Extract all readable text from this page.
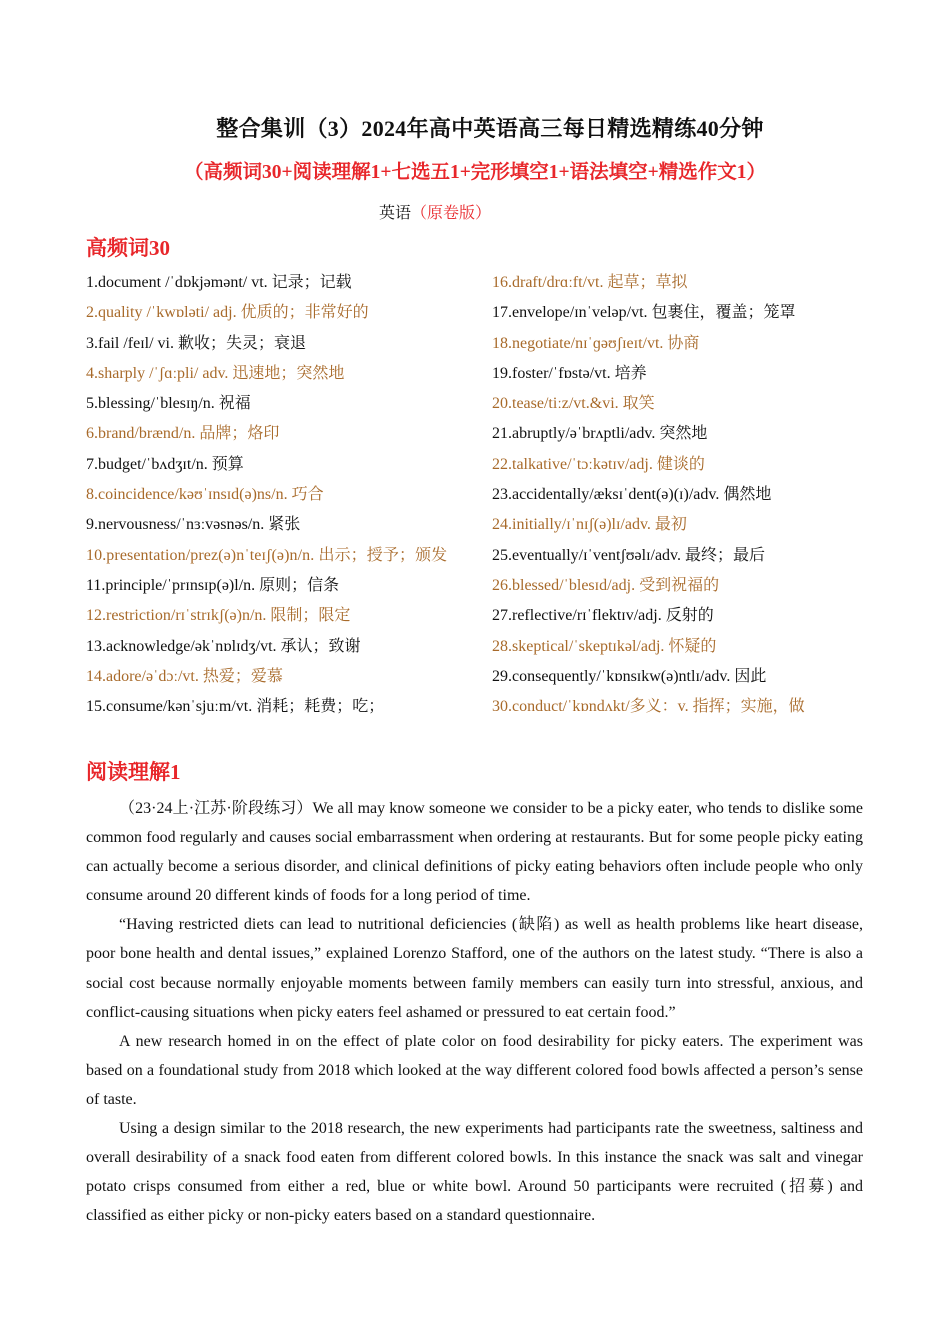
整合集训（3）2024年高中英语高三每日精选精练40分钟
（高频词30+阅读理解1+七选五1+完形填空1+语法填空+精选作文1）
英语（原卷版）
高频词30
1.document /ˈdɒkjəmənt/ vt. 记录；记载
2.quality /ˈkwɒləti/ adj. 优质的；非常好的
3.fail /feɪl/ vi. 歉收；失灵；衰退
4.sharply /ˈʃɑːpli/ adv. 迅速地；突然地
5.blessing/ˈblesɪŋ/n. 祝福
6.brand/brænd/n. 品牌；烙印
7.budget/ˈbʌdʒɪt/n. 预算
8.coincidence/kəʊˈɪnsɪd(ə)ns/n. 巧合
9.nervousness/ˈnɜːvəsnəs/n. 紧张
10.presentation/prez(ə)nˈteɪʃ(ə)n/n. 出示；授予；颁发
11.principle/ˈprɪnsɪp(ə)l/n. 原则；信条
12.restriction/rɪˈstrɪkʃ(ə)n/n. 限制；限定
13.acknowledge/əkˈnɒlɪdʒ/vt. 承认；致谢
14.adore/əˈdɔː/vt. 热爱；爱慕
15.consume/kənˈsjuːm/vt. 消耗；耗费；吃；
16.draft/drɑːft/vt. 起草；草拟
17.envelope/ɪnˈveləp/vt. 包裹住，覆盖；笼罩
18.negotiate/nɪˈɡəʊʃɪeɪt/vt. 协商
19.foster/ˈfɒstə/vt. 培养
20.tease/tiːz/vt.&vi. 取笑
21.abruptly/əˈbrʌptli/adv. 突然地
22.talkative/ˈtɔːkətɪv/adj. 健谈的
23.accidentally/æksɪˈdent(ə)(ɪ)/adv. 偶然地
24.initially/ɪˈnɪʃ(ə)lɪ/adv. 最初
25.eventually/ɪˈventʃʊəlɪ/adv. 最终；最后
26.blessed/ˈblesɪd/adj. 受到祝福的
27.reflective/rɪˈflektɪv/adj. 反射的
28.skeptical/ˈskeptɪkəl/adj. 怀疑的
29.consequently/ˈkɒnsɪkw(ə)ntlɪ/adv. 因此
30.conduct/ˈkɒndʌkt/多义：v. 指挥；实施，做
阅读理解1

（23·24上·江苏·阶段练习）We all may know someone we consider to be a picky eater, who tends to dislike some common food regularly and causes social embarrassment when ordering at restaurants. But for some people picky eating can actually become a serious disorder, and clinical definitions of picky eating behaviors often include people who only consume around 20 different kinds of foods for a long period of time.

“Having restricted diets can lead to nutritional deficiencies (缺陷) as well as health problems like heart disease, poor bone health and dental issues,” explained Lorenzo Stafford, one of the authors on the latest study. “There is also a social cost because normally enjoyable moments between family members can easily turn into stressful, anxious, and conflict-causing situations when picky eaters feel ashamed or pressured to eat certain food.”

A new research homed in on the effect of plate color on food desirability for picky eaters. The experiment was based on a foundational study from 2018 which looked at the way different colored food bowls affected a person’s sense of taste.

Using a design similar to the 2018 research, the new experiments had participants rate the sweetness, saltiness and overall desirability of a snack food eaten from different colored bowls. In this instance the snack was salt and vinegar potato crisps consumed from either a red, blue or white bowl. Around 50 participants were recruited (招募) and classified as either picky or non-picky eaters based on a standard questionnaire.
